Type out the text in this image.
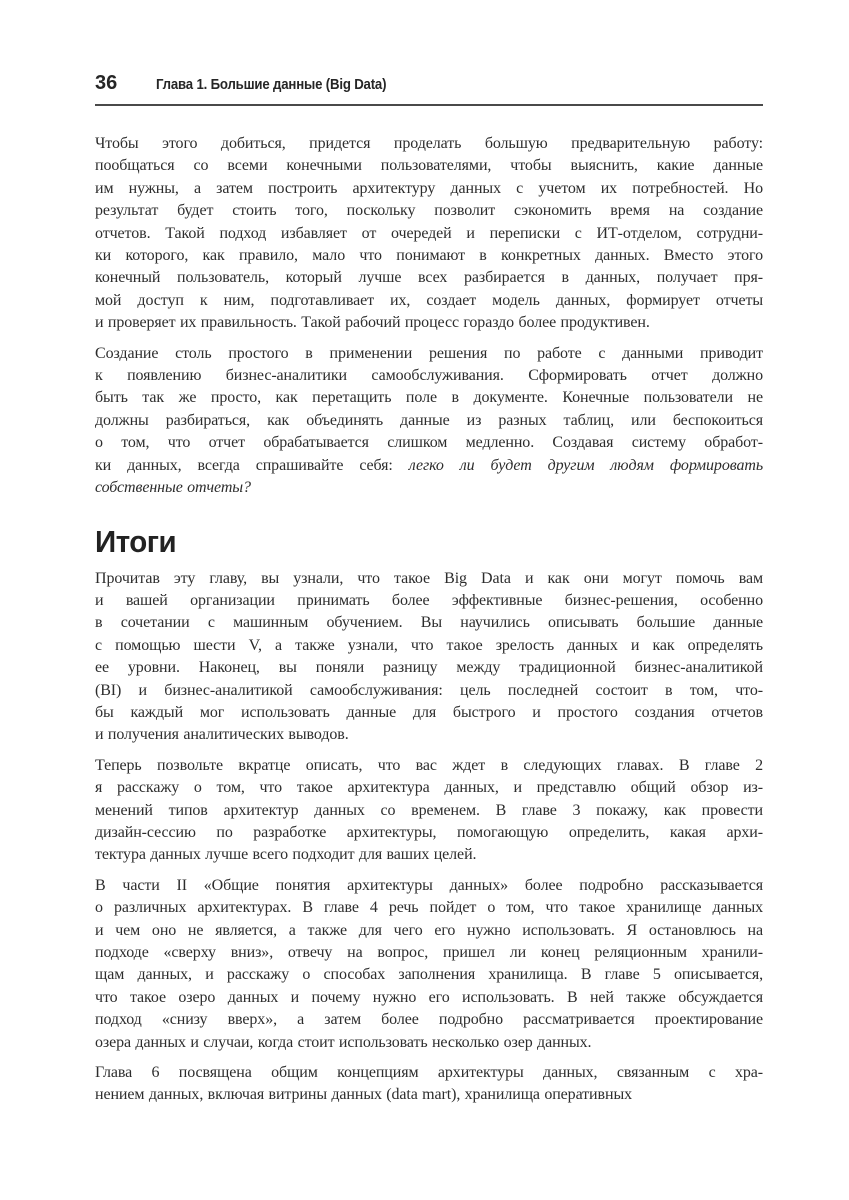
36	Глава 1. Большие данные (Big Data)
Чтобы этого добиться, придется проделать большую предварительную работу:
пообщаться со всеми конечными пользователями, чтобы выяснить, какие данные
им нужны, а затем построить архитектуру данных с учетом их потребностей. Но
результат будет стоить того, поскольку позволит сэкономить время на создание
отчетов. Такой подход избавляет от очередей и переписки с ИТ-отделом, сотрудни-
ки которого, как правило, мало что понимают в конкретных данных. Вместо этого
конечный пользователь, который лучше всех разбирается в данных, получает пря-
мой доступ к ним, подготавливает их, создает модель данных, формирует отчеты
и проверяет их правильность. Такой рабочий процесс гораздо более продуктивен.
Создание столь простого в применении решения по работе с данными приводит
к появлению бизнес-аналитики самообслуживания. Сформировать отчет должно
быть так же просто, как перетащить поле в документе. Конечные пользователи не
должны разбираться, как объединять данные из разных таблиц, или беспокоиться
о том, что отчет обрабатывается слишком медленно. Создавая систему обработ-
ки данных, всегда спрашивайте себя: легко ли будет другим людям формировать
собственные отчеты?
Итоги
Прочитав эту главу, вы узнали, что такое Big Data и как они могут помочь вам
и вашей организации принимать более эффективные бизнес-решения, особенно
в сочетании с машинным обучением. Вы научились описывать большие данные
с помощью шести V, а также узнали, что такое зрелость данных и как определять
ее уровни. Наконец, вы поняли разницу между традиционной бизнес-аналитикой
(BI) и бизнес-аналитикой самообслуживания: цель последней состоит в том, что-
бы каждый мог использовать данные для быстрого и простого создания отчетов
и получения аналитических выводов.
Теперь позвольте вкратце описать, что вас ждет в следующих главах. В главе 2
я расскажу о том, что такое архитектура данных, и представлю общий обзор из-
менений типов архитектур данных со временем. В главе 3 покажу, как провести
дизайн-сессию по разработке архитектуры, помогающую определить, какая архи-
тектура данных лучше всего подходит для ваших целей.
В части II «Общие понятия архитектуры данных» более подробно рассказывается
о различных архитектурах. В главе 4 речь пойдет о том, что такое хранилище данных
и чем оно не является, а также для чего его нужно использовать. Я остановлюсь на
подходе «сверху вниз», отвечу на вопрос, пришел ли конец реляционным хранили-
щам данных, и расскажу о способах заполнения хранилища. В главе 5 описывается,
что такое озеро данных и почему нужно его использовать. В ней также обсуждается
подход «снизу вверх», а затем более подробно рассматривается проектирование
озера данных и случаи, когда стоит использовать несколько озер данных.
Глава 6 посвящена общим концепциям архитектуры данных, связанным с хра-
нением данных, включая витрины данных (data mart), хранилища оперативных
